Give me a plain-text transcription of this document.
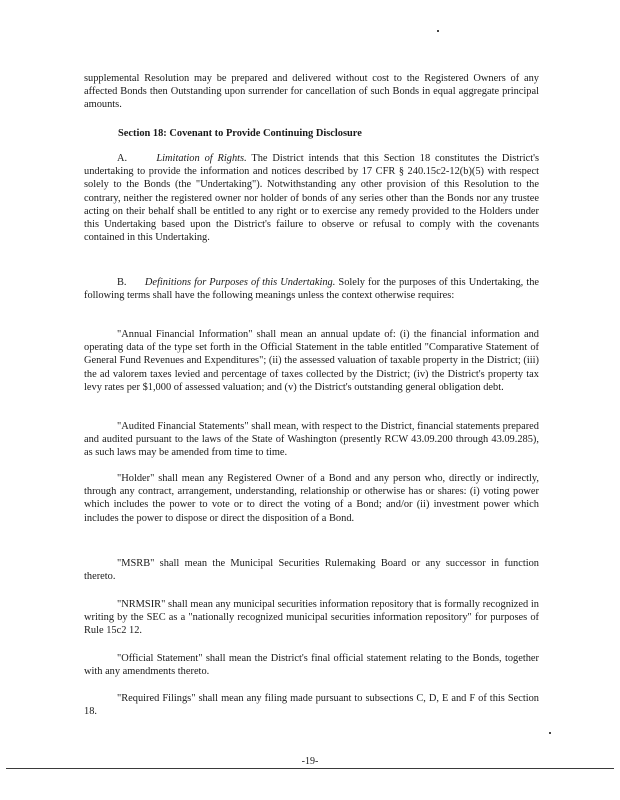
supplemental Resolution may be prepared and delivered without cost to the Registered Owners of any affected Bonds then Outstanding upon surrender for cancellation of such Bonds in equal aggregate principal amounts.

Section 18: Covenant to Provide Continuing Disclosure

A.	Limitation of Rights. The District intends that this Section 18 constitutes the District's undertaking to provide the information and notices described by 17 CFR § 240.15c2-12(b)(5) with respect solely to the Bonds (the "Undertaking"). Notwithstanding any other provision of this Resolution to the contrary, neither the registered owner nor holder of bonds of any series other than the Bonds nor any trustee acting on their behalf shall be entitled to any right or to exercise any remedy provided to the Holders under this Undertaking based upon the District's failure to observe or refusal to comply with the covenants contained in this Undertaking.

B. Definitions for Purposes of this Undertaking. Solely for the purposes of this Undertaking, the following terms shall have the following meanings unless the context otherwise requires:

"Annual Financial Information" shall mean an annual update of: (i) the financial information and operating data of the type set forth in the Official Statement in the table entitled "Comparative Statement of General Fund Revenues and Expenditures"; (ii) the assessed valuation of taxable property in the District; (iii) the ad valorem taxes levied and percentage of taxes collected by the District; (iv) the District's property tax levy rates per $1,000 of assessed valuation; and (v) the District's outstanding general obligation debt.

"Audited Financial Statements" shall mean, with respect to the District, financial statements prepared and audited pursuant to the laws of the State of Washington (presently RCW 43.09.200 through 43.09.285), as such laws may be amended from time to time.

"Holder" shall mean any Registered Owner of a Bond and any person who, directly or indirectly, through any contract, arrangement, understanding, relationship or otherwise has or shares: (i) voting power which includes the power to vote or to direct the voting of a Bond; and/or (ii) investment power which includes the power to dispose or direct the disposition of a Bond.

"MSRB" shall mean the Municipal Securities Rulemaking Board or any successor in function thereto.

"NRMSIR" shall mean any municipal securities information repository that is formally recognized in writing by the SEC as a "nationally recognized municipal securities information repository" for purposes of Rule 15c2 12.

"Official Statement" shall mean the District's final official statement relating to the Bonds, together with any amendments thereto.

"Required Filings" shall mean any filing made pursuant to subsections C, D, E and F of this Section 18.

-19-
